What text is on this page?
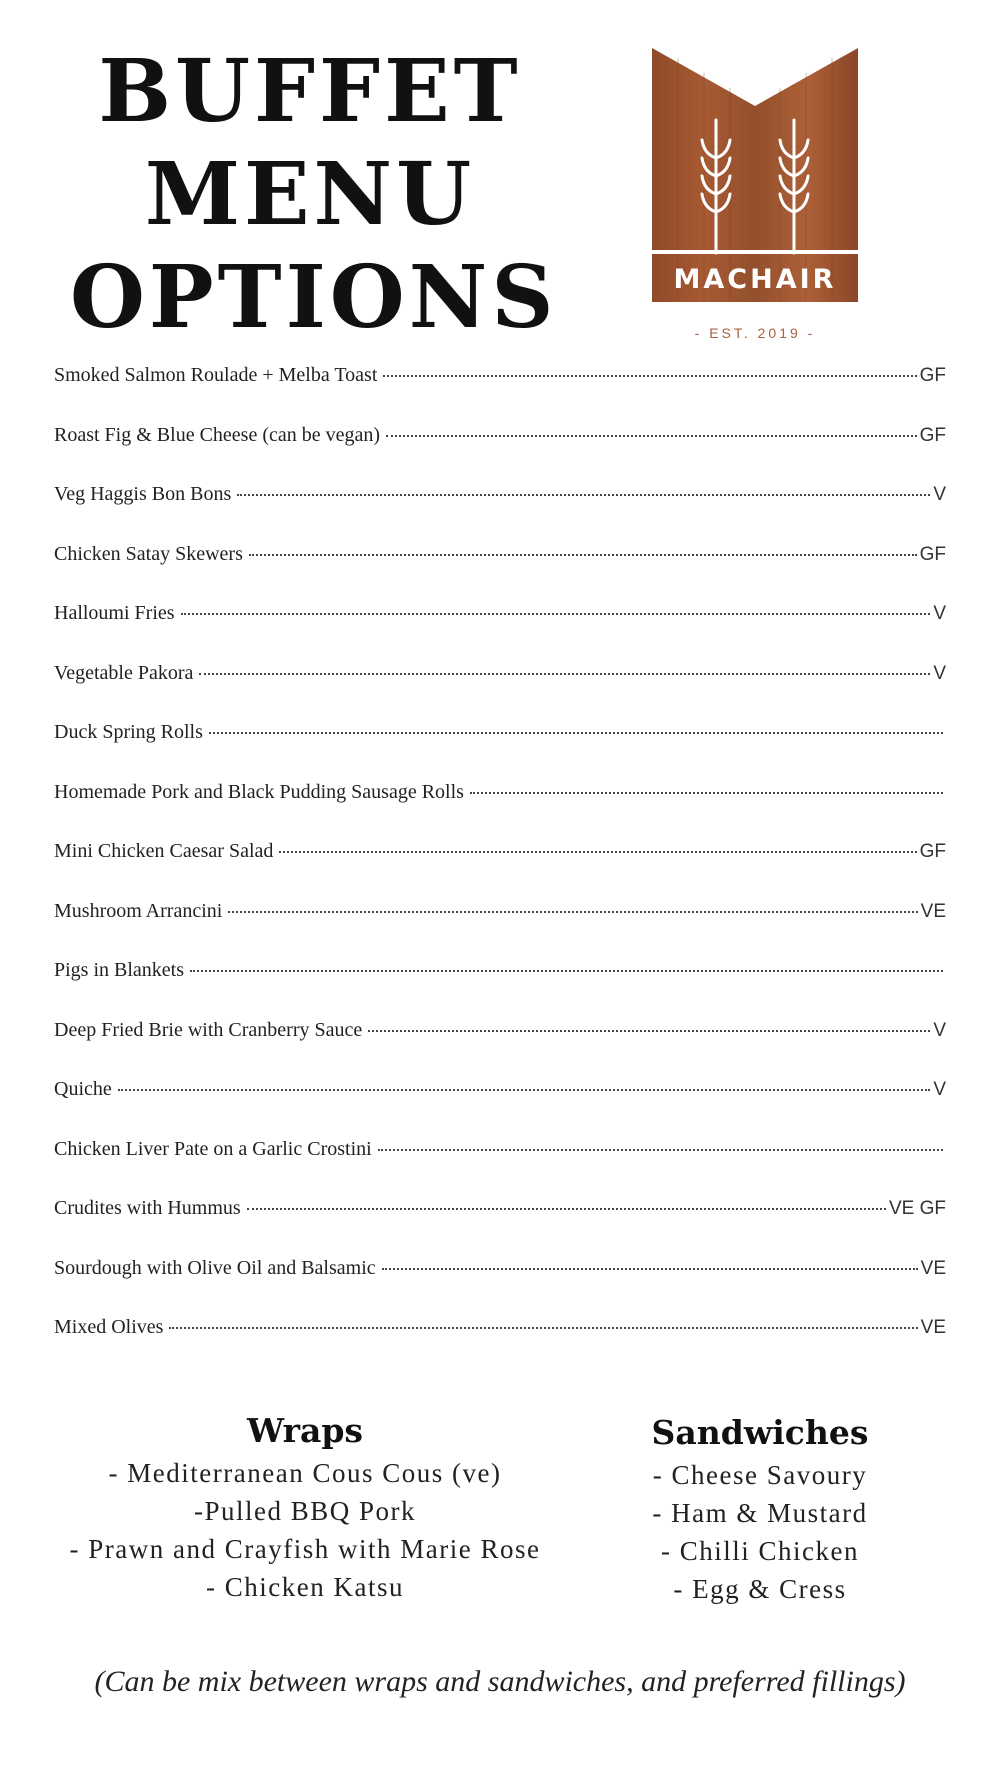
BUFFET
MENU
OPTIONS	MACHAIR
- EST. 2019 -
Smoked Salmon Roulade + Melba Toast	GF
Roast Fig & Blue Cheese (can be vegan)	GF
Veg Haggis Bon Bons	V
Chicken Satay Skewers	GF
Halloumi Fries	V
Vegetable Pakora	V
Duck Spring Rolls
Homemade Pork and Black Pudding Sausage Rolls
Mini Chicken Caesar Salad	GF
Mushroom Arrancini	VE
Pigs in Blankets
Deep Fried Brie with Cranberry Sauce	V
Quiche	V
Chicken Liver Pate on a Garlic Crostini
Crudites with Hummus	VE GF
Sourdough with Olive Oil and Balsamic	VE
Mixed Olives	VE
Wraps
- Mediterranean Cous Cous (ve)
-Pulled BBQ Pork
- Prawn and Crayfish with Marie Rose
- Chicken Katsu
Sandwiches
- Cheese Savoury
- Ham & Mustard
- Chilli Chicken
- Egg & Cress
(Can be mix between wraps and sandwiches, and preferred fillings)
